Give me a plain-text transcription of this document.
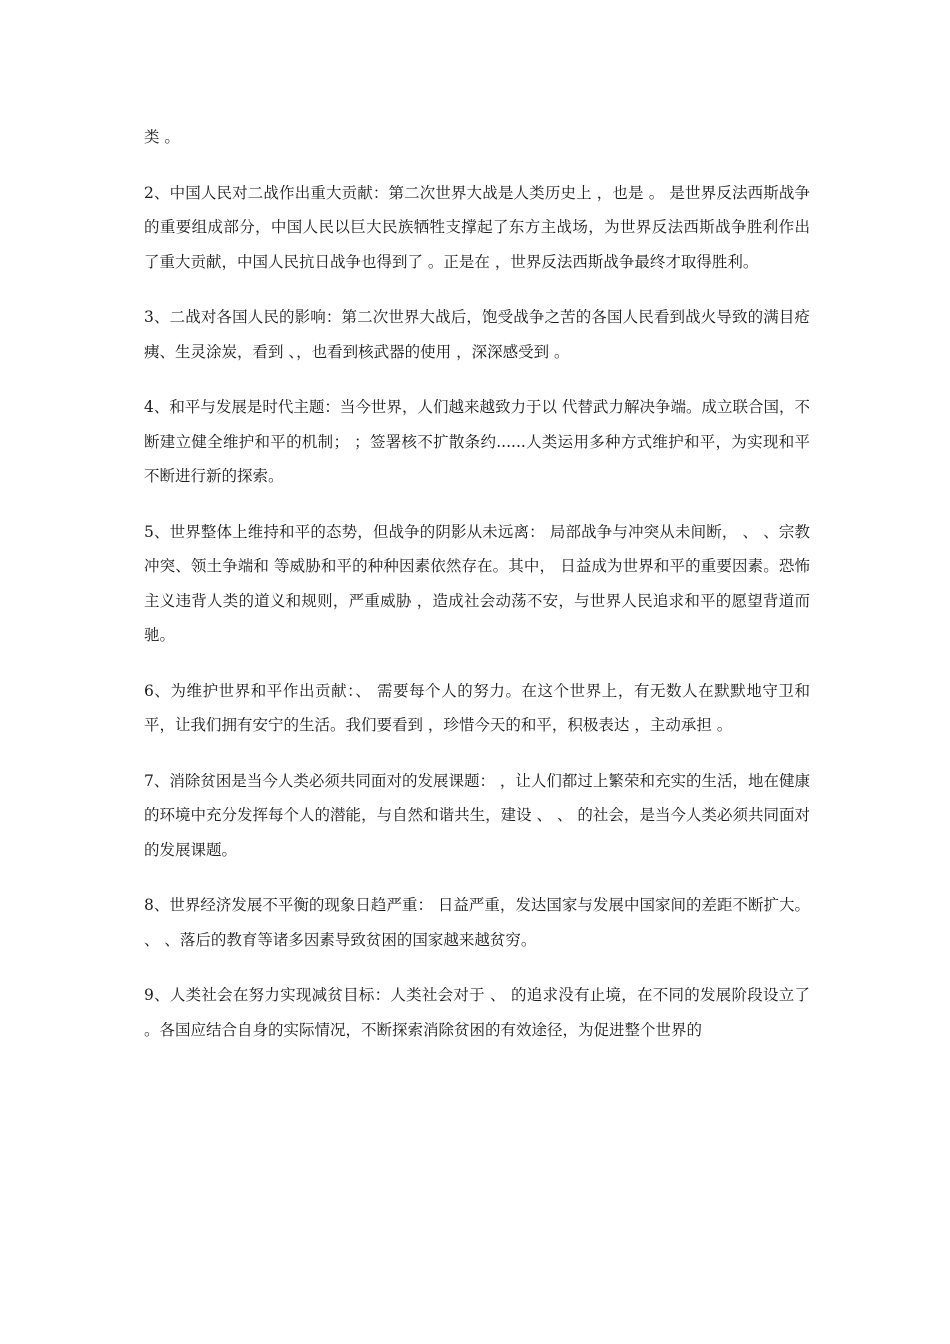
类 。

2、中国人民对二战作出重大贡献：第二次世界大战是人类历史上 ，也是 。 是世界反法西斯战争的重要组成部分，中国人民以巨大民族牺牲支撑起了东方主战场，为世界反法西斯战争胜利作出了重大贡献，中国人民抗日战争也得到了 。正是在 ，世界反法西斯战争最终才取得胜利。

3、二战对各国人民的影响：第二次世界大战后，饱受战争之苦的各国人民看到战火导致的满目疮痍、生灵涂炭，看到 、，也看到核武器的使用 ，深深感受到 。

4、和平与发展是时代主题：当今世界，人们越来越致力于以 代替武力解决争端。成立联合国，不断建立健全维护和平的机制； ；签署核不扩散条约......人类运用多种方式维护和平，为实现和平不断进行新的探索。

5、世界整体上维持和平的态势，但战争的阴影从未远离： 局部战争与冲突从未间断， 、 、宗教冲突、领土争端和 等威胁和平的种种因素依然存在。其中， 日益成为世界和平的重要因素。恐怖主义违背人类的道义和规则，严重威胁 ，造成社会动荡不安，与世界人民追求和平的愿望背道而驰。

6、为维护世界和平作出贡献：、 需要每个人的努力。在这个世界上，有无数人在默默地守卫和平，让我们拥有安宁的生活。我们要看到 ，珍惜今天的和平，积极表达 ，主动承担 。

7、消除贫困是当今人类必须共同面对的发展课题： ，让人们都过上繁荣和充实的生活，地在健康的环境中充分发挥每个人的潜能，与自然和谐共生，建设 、 、 的社会，是当今人类必须共同面对的发展课题。

8、世界经济发展不平衡的现象日趋严重： 日益严重，发达国家与发展中国家间的差距不断扩大。 、 、落后的教育等诸多因素导致贫困的国家越来越贫穷。

9、人类社会在努力实现减贫目标：人类社会对于 、 的追求没有止境，在不同的发展阶段设立了 。各国应结合自身的实际情况，不断探索消除贫困的有效途径，为促进整个世界的
